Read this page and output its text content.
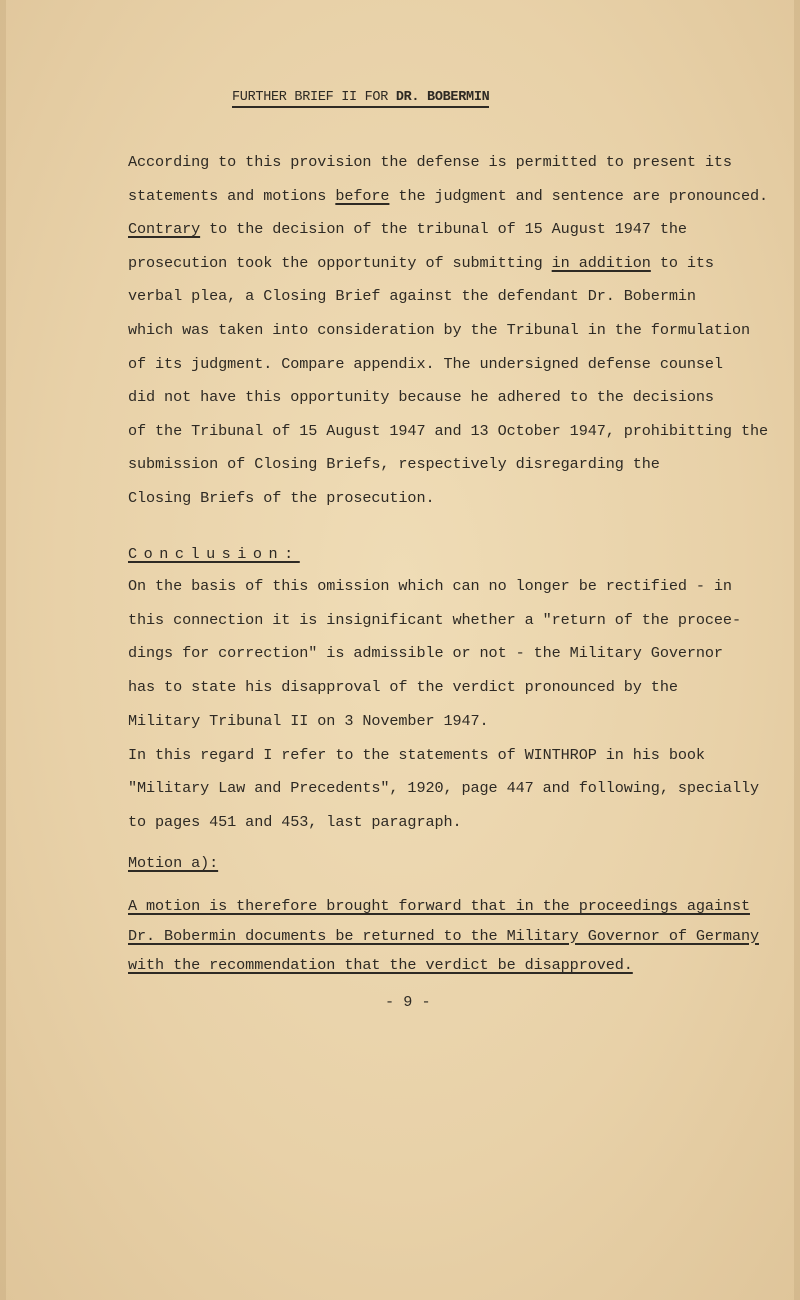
FURTHER BRIEF II FOR DR. BOBERMIN
According to this provision the defense is permitted to present its
statements and motions before the judgment and sentence are pronounced.
Contrary to the decision of the tribunal of 15 August 1947 the
prosecution took the opportunity of submitting in addition to its
verbal plea, a Closing Brief against the defendant Dr. Bobermin
which was taken into consideration by the Tribunal in the formulation
of its judgment. Compare appendix. The undersigned defense counsel
did not have this opportunity because he adhered to the decisions
of the Tribunal of 15 August 1947 and 13 October 1947, prohibitting the
submission of Closing Briefs, respectively disregarding the
Closing Briefs of the prosecution.
Conclusion:
On the basis of this omission which can no longer be rectified - in
this connection it is insignificant whether a "return of the procee-
dings for correction" is admissible or not - the Military Governor
has to state his disapproval of the verdict pronounced by the
Military Tribunal II on 3 November 1947.
In this regard I refer to the statements of WINTHROP in his book
"Military Law and Precedents", 1920, page 447 and following, specially
to pages 451 and 453, last paragraph.
Motion a):
A motion is therefore brought forward that in the proceedings against
Dr. Bobermin documents be returned to the Military Governor of Germany
with the recommendation that the verdict be disapproved.
- 9 -
